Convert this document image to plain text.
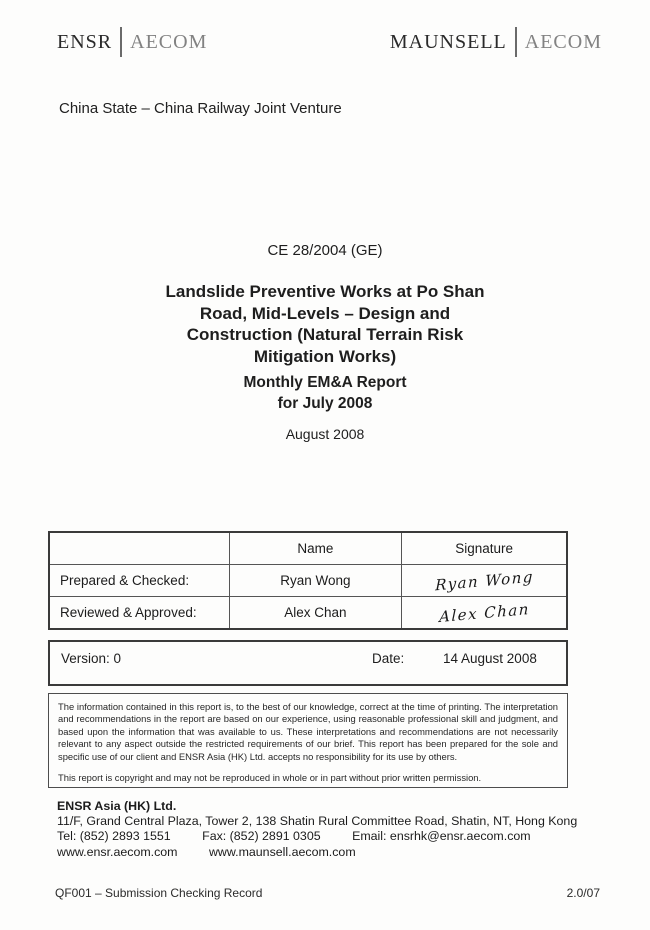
ENSR AECOM	MAUNSELL AECOM
China State – China Railway Joint Venture
CE 28/2004 (GE)
Landslide Preventive Works at Po Shan
Road, Mid-Levels – Design and
Construction (Natural Terrain Risk
Mitigation Works)
Monthly EM&A Report
for July 2008
August 2008
	Name	Signature
Prepared & Checked:	Ryan Wong	Ryan Wong
Reviewed & Approved:	Alex Chan	Alex Chan
Version: 0	Date:	14 August 2008

The information contained in this report is, to the best of our knowledge, correct at the time of printing. The interpretation and recommendations in the report are based on our experience, using reasonable professional skill and judgment, and based upon the information that was available to us. These interpretations and recommendations are not necessarily relevant to any aspect outside the restricted requirements of our brief. This report has been prepared for the sole and specific use of our client and ENSR Asia (HK) Ltd. accepts no responsibility for its use by others.

This report is copyright and may not be reproduced in whole or in part without prior written permission.

ENSR Asia (HK) Ltd.
11/F, Grand Central Plaza, Tower 2, 138 Shatin Rural Committee Road, Shatin, NT, Hong Kong
Tel: (852) 2893 1551	Fax: (852) 2891 0305	Email: ensrhk@ensr.aecom.com
www.ensr.aecom.com	www.maunsell.aecom.com
QF001 – Submission Checking Record	2.0/07
